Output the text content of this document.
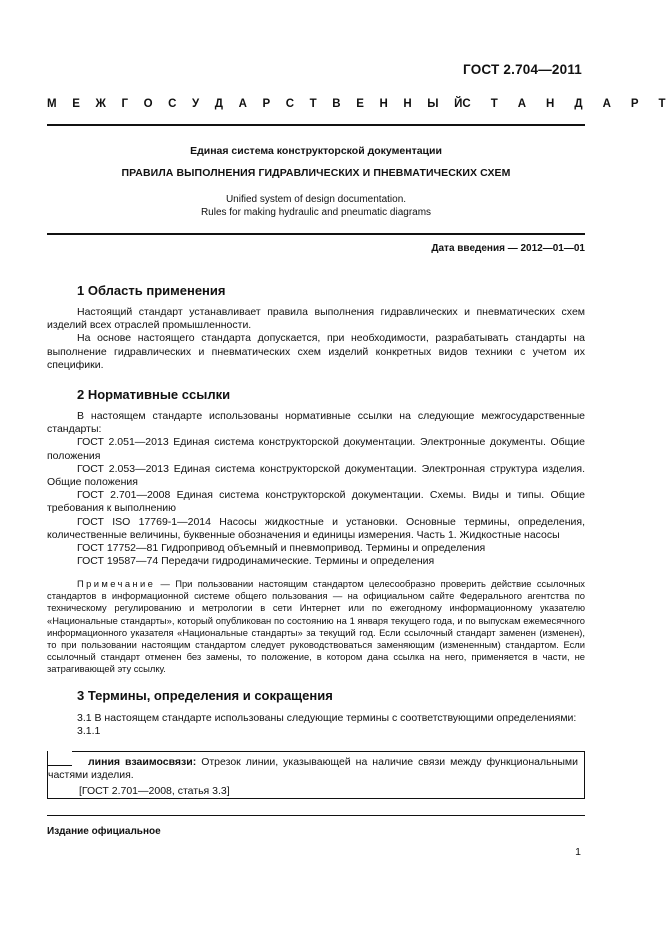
ГОСТ 2.704—2011
М Е Ж Г О С У Д А Р С Т В Е Н Н Ы Й С Т А Н Д А Р Т
Единая система конструкторской документации
ПРАВИЛА ВЫПОЛНЕНИЯ ГИДРАВЛИЧЕСКИХ И ПНЕВМАТИЧЕСКИХ СХЕМ
Unified system of design documentation.
Rules for making hydraulic and pneumatic diagrams
Дата введения — 2012—01—01
1 Область применения

Настоящий стандарт устанавливает правила выполнения гидравлических и пневматических схем изделий всех отраслей промышленности.

На основе настоящего стандарта допускается, при необходимости, разрабатывать стандарты на выполнение гидравлических и пневматических схем изделий конкретных видов техники с учетом их специфики.

2 Нормативные ссылки

В настоящем стандарте использованы нормативные ссылки на следующие межгосударственные стандарты:

ГОСТ 2.051—2013 Единая система конструкторской документации. Электронные документы. Общие положения

ГОСТ 2.053—2013 Единая система конструкторской документации. Электронная структура изделия. Общие положения

ГОСТ 2.701—2008 Единая система конструкторской документации. Схемы. Виды и типы. Общие требования к выполнению

ГОСТ ISO 17769-1—2014 Насосы жидкостные и установки. Основные термины, определения, количественные величины, буквенные обозначения и единицы измерения. Часть 1. Жидкостные насосы

ГОСТ 17752—81 Гидропривод объемный и пневмопривод. Термины и определения

ГОСТ 19587—74 Передачи гидродинамические. Термины и определения

Примечание — При пользовании настоящим стандартом целесообразно проверить действие ссылочных стандартов в информационной системе общего пользования — на официальном сайте Федерального агентства по техническому регулированию и метрологии в сети Интернет или по ежегодному информационному указателю «Национальные стандарты», который опубликован по состоянию на 1 января текущего года, и по выпускам ежемесячного информационного указателя «Национальные стандарты» за текущий год. Если ссылочный стандарт заменен (изменен), то при пользовании настоящим стандартом следует руководствоваться заменяющим (измененным) стандартом. Если ссылочный стандарт отменен без замены, то положение, в котором дана ссылка на него, применяется в части, не затрагивающей эту ссылку.
3 Термины, определения и сокращения

3.1 В настоящем стандарте использованы следующие термины с соответствующими определениями:

3.1.1

линия взаимосвязи: Отрезок линии, указывающей на наличие связи между функциональными частями изделия.

[ГОСТ 2.701—2008, статья 3.3]

Издание официальное
1
